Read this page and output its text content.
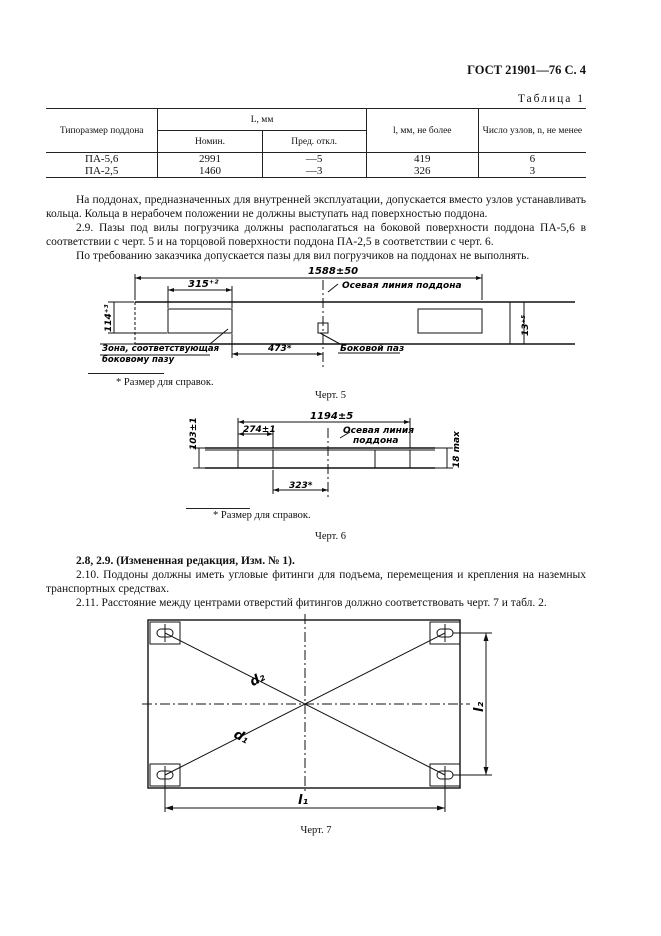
ГОСТ 21901—76 С. 4
Таблица 1
Типоразмер поддона	L, мм		l, мм, не более	Число узлов, n, не менее
	Номин.	Пред. откл.		
ПА-5,6	2991	—5	419	6
ПА-2,5	1460	—3	326	3

На поддонах, предназначенных для внутренней эксплуатации, допускается вместо узлов устанавливать кольца. Кольца в нерабочем положении не должны выступать над поверхностью поддона.

2.9. Пазы под вилы погрузчика должны располагаться на боковой поверхности поддона ПА-5,6 в соответствии с черт. 5 и на торцовой поверхности поддона ПА-2,5 в соответствии с черт. 6.

По требованию заказчика допускается пазы для вил погрузчиков на поддонах не выполнять.

1588±50
315⁺²	Осевая линия поддона
114⁺³	13⁺⁵
Зона, соответствующая
боковому пазу
473*	Боковой паз
* Размер для справок.
Черт. 5
1194±5
274±1	Осевая линия
поддона
103±1	18 max
323*
* Размер для справок.
Черт. 6

2.8, 2.9. (Измененная редакция, Изм. № 1).

2.10. Поддоны должны иметь угловые фитинги для подъема, перемещения и крепления на наземных транспортных средствах.

2.11. Расстояние между центрами отверстий фитингов должно соответствовать черт. 7 и табл. 2.

d₂
d₁
l₁
l₂
Черт. 7
